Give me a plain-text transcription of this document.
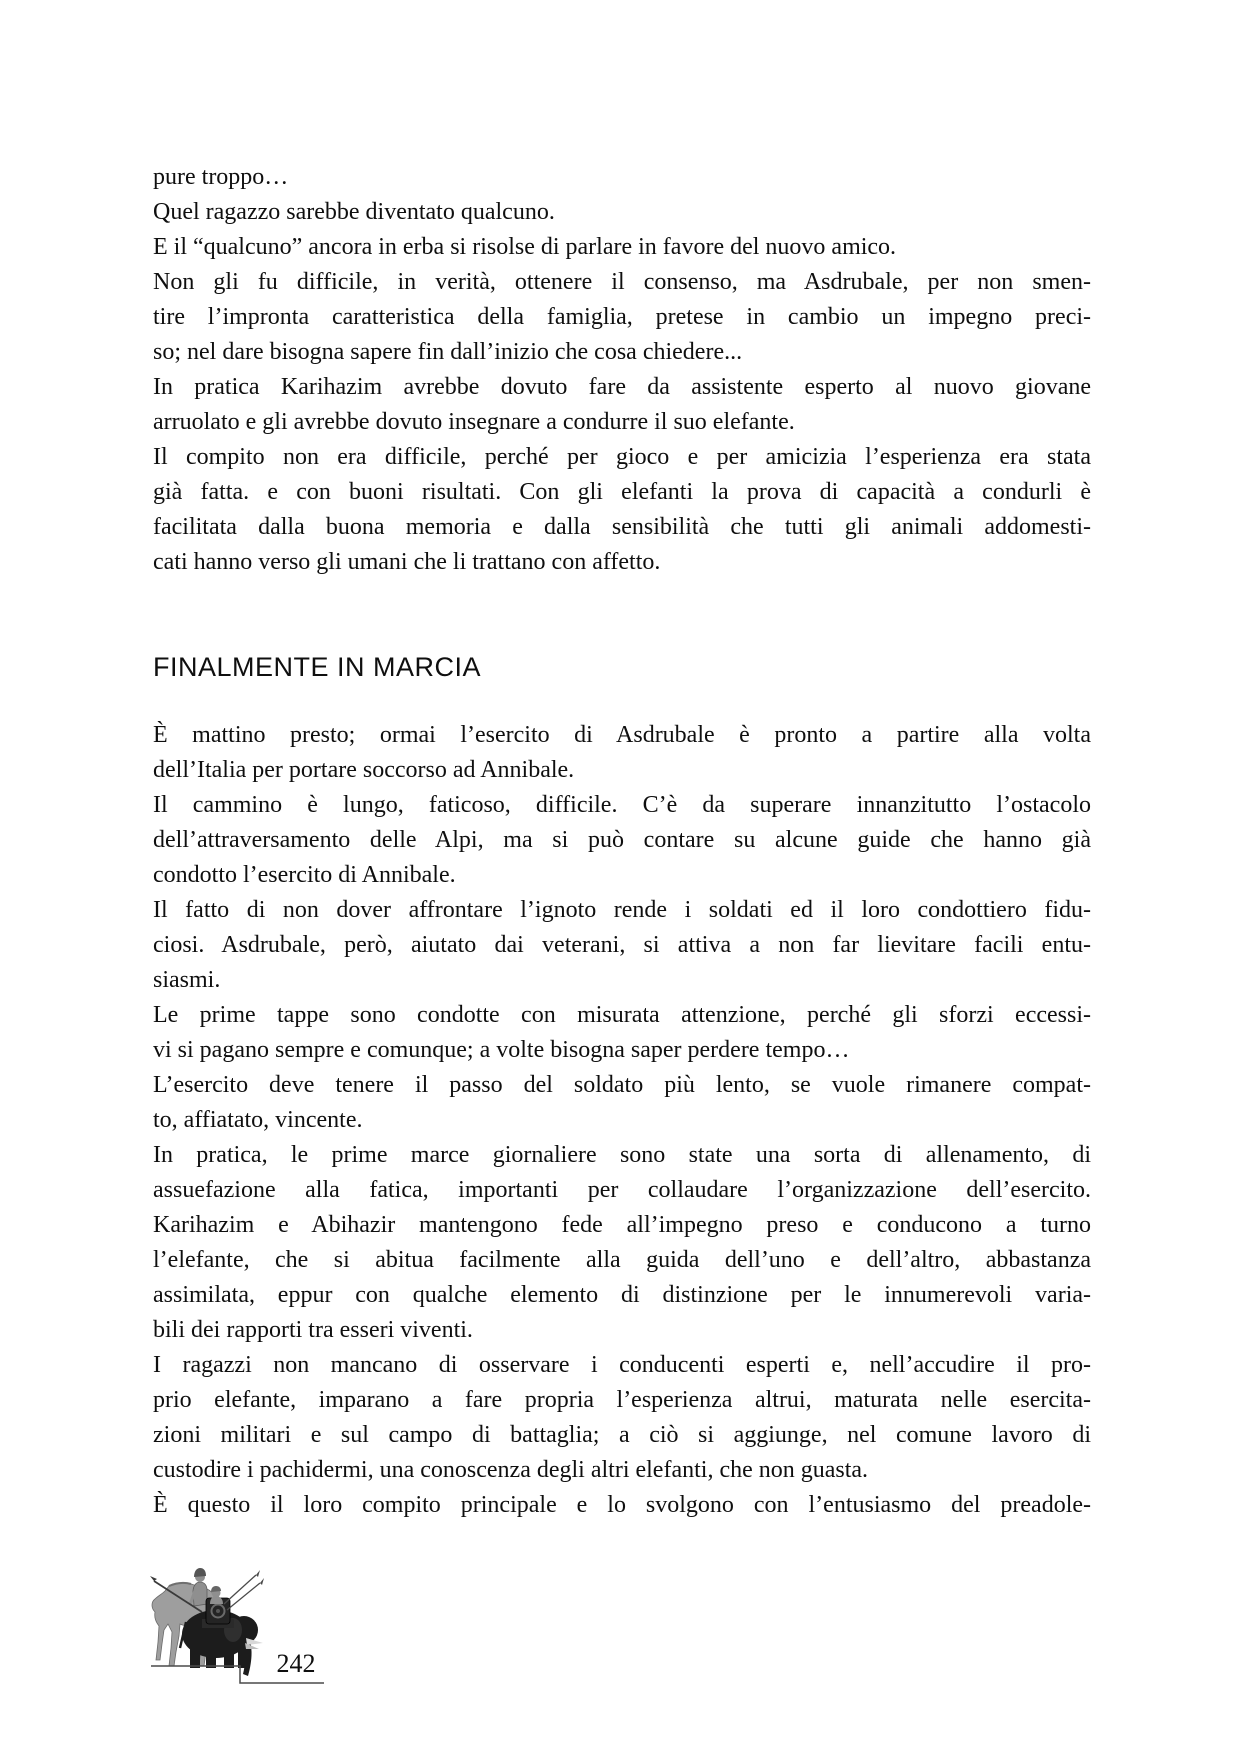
pure troppo…
Quel ragazzo sarebbe diventato qualcuno.
E il “qualcuno” ancora in erba si risolse di parlare in favore del nuovo amico.
Non gli fu difficile, in verità, ottenere il consenso, ma Asdrubale, per non smen-
tire l’impronta caratteristica della famiglia, pretese in cambio un impegno preci-
so; nel dare bisogna sapere fin dall’inizio che cosa chiedere...
In pratica Karihazim avrebbe dovuto fare da assistente esperto al nuovo giovane
arruolato e gli avrebbe dovuto insegnare a condurre il suo elefante.
Il compito non era difficile, perché per gioco e per amicizia l’esperienza era stata
già fatta. e con buoni risultati. Con gli elefanti la prova di capacità a condurli è
facilitata dalla buona memoria e dalla sensibilità che tutti gli animali addomesti-
cati hanno verso gli umani che li trattano con affetto.
FINALMENTE IN MARCIA
È mattino presto; ormai l’esercito di Asdrubale è pronto a partire alla volta
dell’Italia per portare soccorso ad Annibale.
Il cammino è lungo, faticoso, difficile. C’è da superare innanzitutto l’ostacolo
dell’attraversamento delle Alpi, ma si può contare su alcune guide che hanno già
condotto l’esercito di Annibale.
Il fatto di non dover affrontare l’ignoto rende i soldati ed il loro condottiero fidu-
ciosi. Asdrubale, però, aiutato dai veterani, si attiva a non far lievitare facili entu-
siasmi.
Le prime tappe sono condotte con misurata attenzione, perché gli sforzi eccessi-
vi si pagano sempre e comunque; a volte bisogna saper perdere tempo…
L’esercito deve tenere il passo del soldato più lento, se vuole rimanere compat-
to, affiatato, vincente.
In pratica, le prime marce giornaliere sono state una sorta di allenamento, di
assuefazione alla fatica, importanti per collaudare l’organizzazione dell’esercito.
Karihazim e Abihazir mantengono fede all’impegno preso e conducono a turno
l’elefante, che si abitua facilmente alla guida dell’uno e dell’altro, abbastanza
assimilata, eppur con qualche elemento di distinzione per le innumerevoli varia-
bili dei rapporti tra esseri viventi.
I ragazzi non mancano di osservare i conducenti esperti e, nell’accudire il pro-
prio elefante, imparano a fare propria l’esperienza altrui, maturata nelle esercita-
zioni militari e sul campo di battaglia; a ciò si aggiunge, nel comune lavoro di
custodire i pachidermi, una conoscenza degli altri elefanti, che non guasta.
È questo il loro compito principale e lo svolgono con l’entusiasmo del preadole-
242
